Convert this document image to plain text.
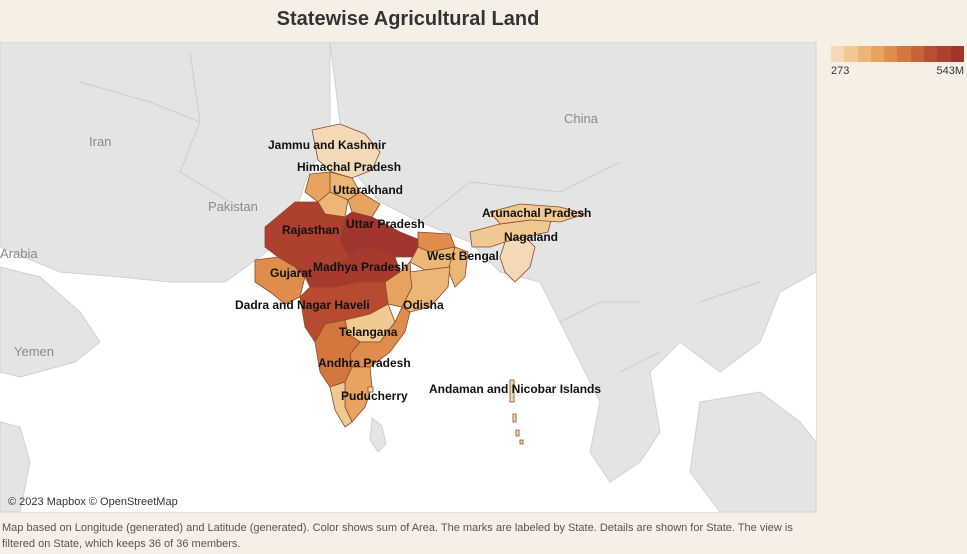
Statewise Agricultural Land
Iran
China
Pakistan
Arabia
Yemen
Jammu and Kashmir
Himachal Pradesh
Uttarakhand
Rajasthan Uttar Pradesh
Gujarat Madhya Pradesh
Dadra and Nagar Haveli
West Bengal
Arunachal Pradesh
Nagaland
Odisha
Telangana
Andhra Pradesh
Puducherry Andaman and Nicobar Islands
© 2023 Mapbox © OpenStreetMap
273	543M
Map based on Longitude (generated) and Latitude (generated). Color shows sum of Area. The marks are labeled by State. Details are shown for State. The view is filtered on State, which keeps 36 of 36 members.
